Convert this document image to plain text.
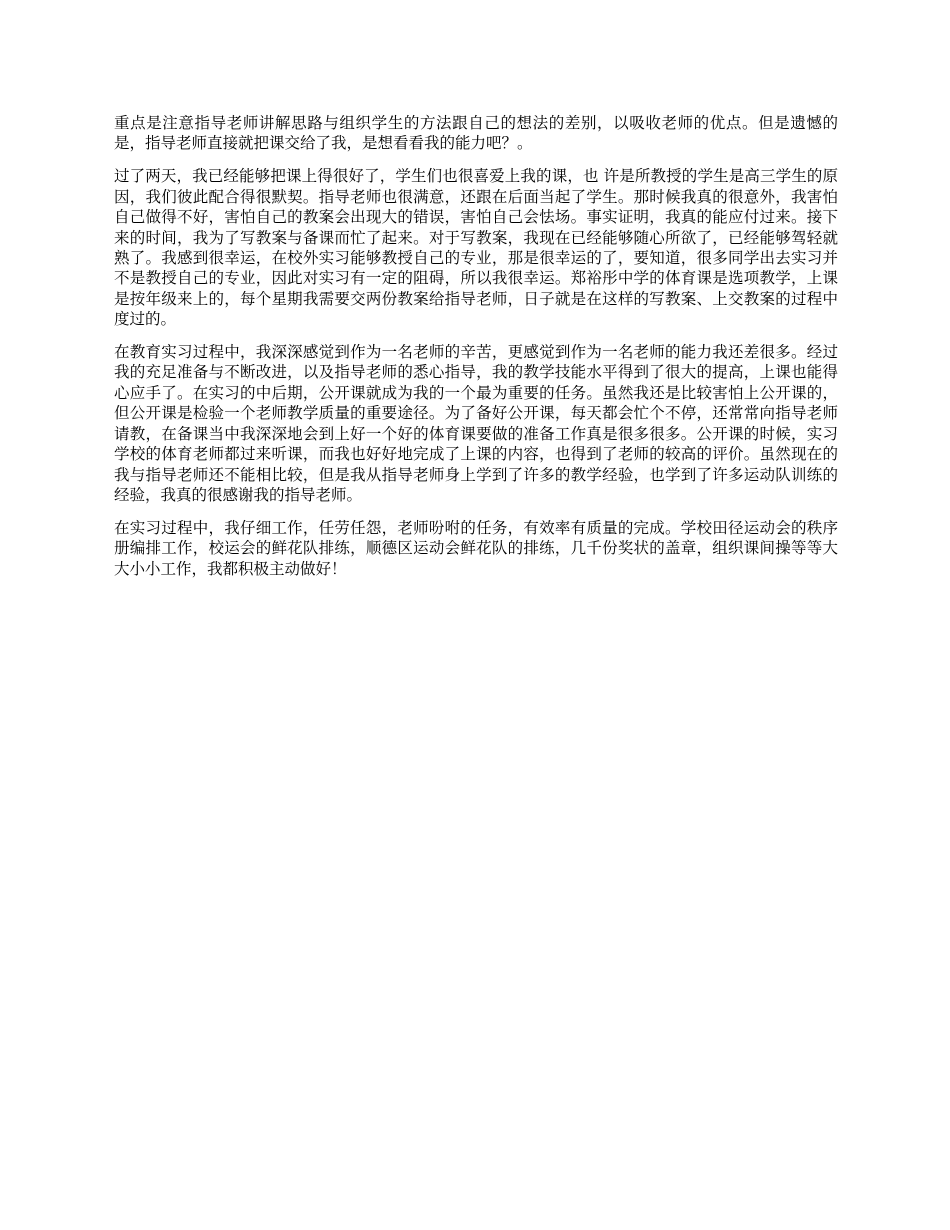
重点是注意指导老师讲解思路与组织学生的方法跟自己的想法的差别，以吸收老师的优点。但是遗憾的是，指导老师直接就把课交给了我，是想看看我的能力吧？。

过了两天，我已经能够把课上得很好了，学生们也很喜爱上我的课，也 许是所教授的学生是高三学生的原因，我们彼此配合得很默契。指导老师也很满意，还跟在后面当起了学生。那时候我真的很意外，我害怕自己做得不好，害怕自己的教案会出现大的错误，害怕自己会怯场。事实证明，我真的能应付过来。接下来的时间，我为了写教案与备课而忙了起来。对于写教案，我现在已经能够随心所欲了，已经能够驾轻就熟了。我感到很幸运，在校外实习能够教授自己的专业，那是很幸运的了，要知道，很多同学出去实习并不是教授自己的专业，因此对实习有一定的阻碍，所以我很幸运。郑裕彤中学的体育课是选项教学，上课是按年级来上的，每个星期我需要交两份教案给指导老师，日子就是在这样的写教案、上交教案的过程中度过的。

在教育实习过程中，我深深感觉到作为一名老师的辛苦，更感觉到作为一名老师的能力我还差很多。经过我的充足准备与不断改进，以及指导老师的悉心指导，我的教学技能水平得到了很大的提高，上课也能得心应手了。在实习的中后期，公开课就成为我的一个最为重要的任务。虽然我还是比较害怕上公开课的，但公开课是检验一个老师教学质量的重要途径。为了备好公开课，每天都会忙个不停，还常常向指导老师请教，在备课当中我深深地会到上好一个好的体育课要做的准备工作真是很多很多。公开课的时候，实习学校的体育老师都过来听课，而我也好好地完成了上课的内容，也得到了老师的较高的评价。虽然现在的我与指导老师还不能相比较，但是我从指导老师身上学到了许多的教学经验，也学到了许多运动队训练的经验，我真的很感谢我的指导老师。

在实习过程中，我仔细工作，任劳任怨，老师吩咐的任务，有效率有质量的完成。学校田径运动会的秩序册编排工作，校运会的鲜花队排练，顺德区运动会鲜花队的排练，几千份奖状的盖章，组织课间操等等大大小小工作，我都积极主动做好！
